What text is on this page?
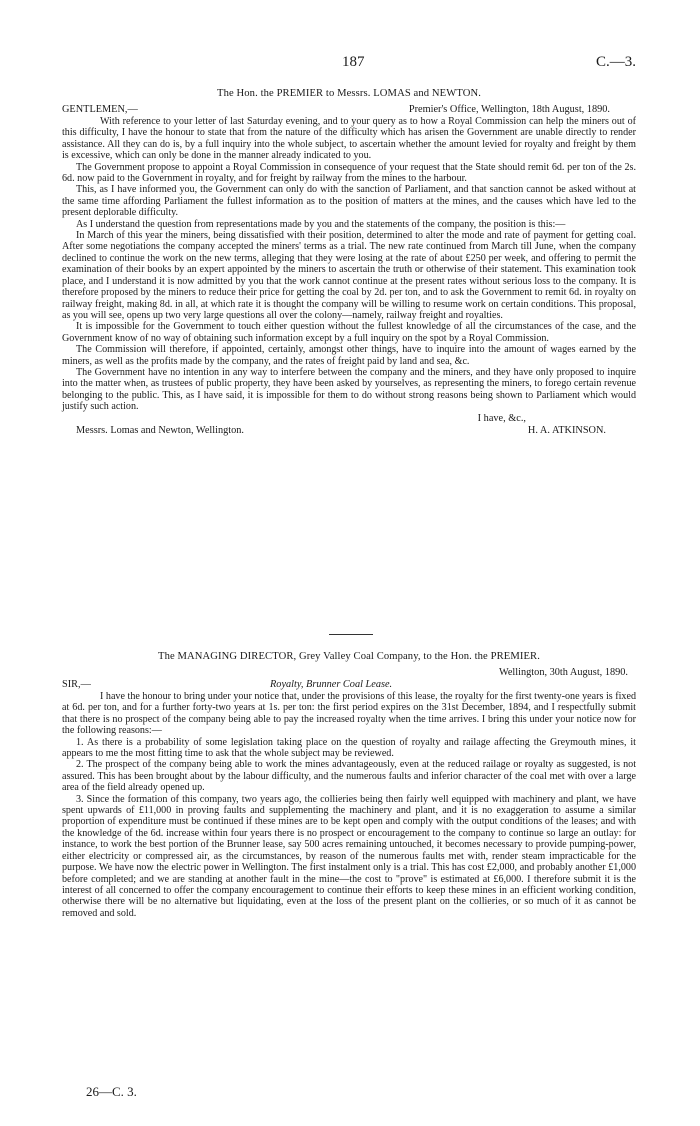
187	C.—3.
The Hon. the PREMIER to Messrs. LOMAS and NEWTON.
GENTLEMEN,—	Premier's Office, Wellington, 18th August, 1890.

With reference to your letter of last Saturday evening, and to your query as to how a Royal Commission can help the miners out of this difficulty, I have the honour to state that from the nature of the difficulty which has arisen the Government are unable directly to render assistance. All they can do is, by a full inquiry into the whole subject, to ascertain whether the amount levied for royalty and freight by them is excessive, which can only be done in the manner already indicated to you.

The Government propose to appoint a Royal Commission in consequence of your request that the State should remit 6d. per ton of the 2s. 6d. now paid to the Government in royalty, and for freight by railway from the mines to the harbour.

This, as I have informed you, the Government can only do with the sanction of Parliament, and that sanction cannot be asked without at the same time affording Parliament the fullest information as to the position of matters at the mines, and the causes which have led to the present deplorable difficulty.

As I understand the question from representations made by you and the statements of the company, the position is this:—

In March of this year the miners, being dissatisfied with their position, determined to alter the mode and rate of payment for getting coal. After some negotiations the company accepted the miners' terms as a trial. The new rate continued from March till June, when the company declined to continue the work on the new terms, alleging that they were losing at the rate of about £250 per week, and offering to permit the examination of their books by an expert appointed by the miners to ascertain the truth or otherwise of their statement. This examination took place, and I understand it is now admitted by you that the work cannot continue at the present rates without serious loss to the company. It is therefore proposed by the miners to reduce their price for getting the coal by 2d. per ton, and to ask the Government to remit 6d. in royalty on railway freight, making 8d. in all, at which rate it is thought the company will be willing to resume work on certain conditions. This proposal, as you will see, opens up two very large questions all over the colony—namely, railway freight and royalties.

It is impossible for the Government to touch either question without the fullest knowledge of all the circumstances of the case, and the Government know of no way of obtaining such information except by a full inquiry on the spot by a Royal Commission.

The Commission will therefore, if appointed, certainly, amongst other things, have to inquire into the amount of wages earned by the miners, as well as the profits made by the company, and the rates of freight paid by land and sea, &c.

The Government have no intention in any way to interfere between the company and the miners, and they have only proposed to inquire into the matter when, as trustees of public property, they have been asked by yourselves, as representing the miners, to forego certain revenue belonging to the public. This, as I have said, it is impossible for them to do without strong reasons being shown to Parliament which would justify such action.

I have, &c.,
Messrs. Lomas and Newton, Wellington.	H. A. ATKINSON.
The MANAGING DIRECTOR, Grey Valley Coal Company, to the Hon. the PREMIER.
Wellington, 30th August, 1890.
SIR,—	Royalty, Brunner Coal Lease.

I have the honour to bring under your notice that, under the provisions of this lease, the royalty for the first twenty-one years is fixed at 6d. per ton, and for a further forty-two years at 1s. per ton: the first period expires on the 31st December, 1894, and I respectfully submit that there is no prospect of the company being able to pay the increased royalty when the time arrives. I bring this under your notice now for the following reasons:—

1. As there is a probability of some legislation taking place on the question of royalty and railage affecting the Greymouth mines, it appears to me the most fitting time to ask that the whole subject may be reviewed.

2. The prospect of the company being able to work the mines advantageously, even at the reduced railage or royalty as suggested, is not assured. This has been brought about by the labour difficulty, and the numerous faults and inferior character of the coal met with over a large area of the field already opened up.

3. Since the formation of this company, two years ago, the collieries being then fairly well equipped with machinery and plant, we have spent upwards of £11,000 in proving faults and supplementing the machinery and plant, and it is no exaggeration to assume a similar proportion of expenditure must be continued if these mines are to be kept open and comply with the output conditions of the leases; and with the knowledge of the 6d. increase within four years there is no prospect or encouragement to the company to continue so large an outlay: for instance, to work the best portion of the Brunner lease, say 500 acres remaining untouched, it becomes necessary to provide pumping-power, either electricity or compressed air, as the circumstances, by reason of the numerous faults met with, render steam impracticable for the purpose. We have now the electric power in Wellington. The first instalment only is a trial. This has cost £2,000, and probably another £1,000 before completed; and we are standing at another fault in the mine—the cost to "prove" is estimated at £6,000. I therefore submit it is the interest of all concerned to offer the company encouragement to continue their efforts to keep these mines in an efficient working condition, otherwise there will be no alternative but liquidating, even at the loss of the present plant on the collieries, or so much of it as cannot be removed and sold.

26—C. 3.
